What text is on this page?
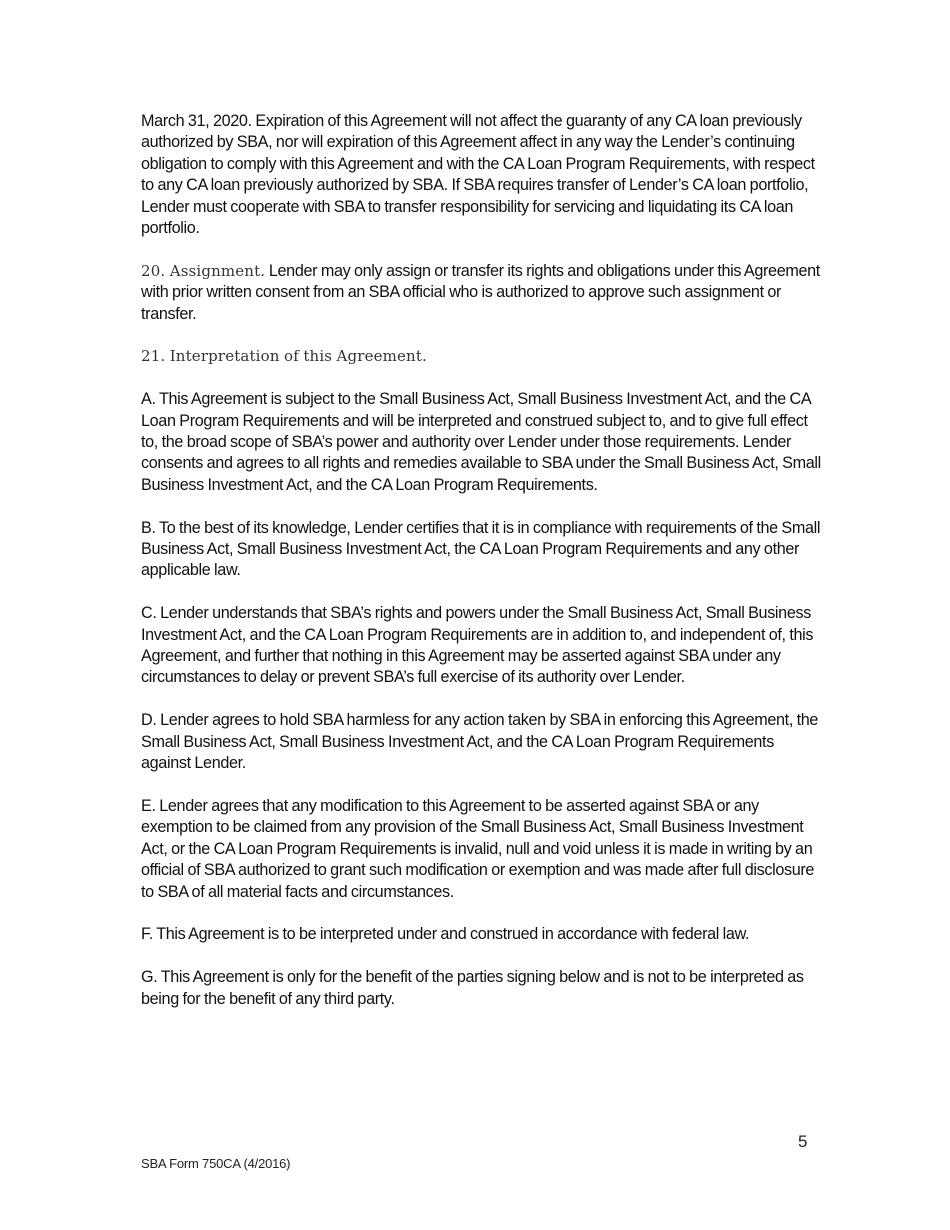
March 31, 2020. Expiration of this Agreement will not affect the guaranty of any CA loan previously authorized by SBA, nor will expiration of this Agreement affect in any way the Lender’s continuing obligation to comply with this Agreement and with the CA Loan Program Requirements, with respect to any CA loan previously authorized by SBA. If SBA requires transfer of Lender’s CA loan portfolio, Lender must cooperate with SBA to transfer responsibility for servicing and liquidating its CA loan portfolio.

20. Assignment. Lender may only assign or transfer its rights and obligations under this Agreement with prior written consent from an SBA official who is authorized to approve such assignment or transfer.

21. Interpretation of this Agreement.

A. This Agreement is subject to the Small Business Act, Small Business Investment Act, and the CA Loan Program Requirements and will be interpreted and construed subject to, and to give full effect to, the broad scope of SBA’s power and authority over Lender under those requirements. Lender consents and agrees to all rights and remedies available to SBA under the Small Business Act, Small Business Investment Act, and the CA Loan Program Requirements.

B. To the best of its knowledge, Lender certifies that it is in compliance with requirements of the Small Business Act, Small Business Investment Act, the CA Loan Program Requirements and any other applicable law.

C. Lender understands that SBA’s rights and powers under the Small Business Act, Small Business Investment Act, and the CA Loan Program Requirements are in addition to, and independent of, this Agreement, and further that nothing in this Agreement may be asserted against SBA under any circumstances to delay or prevent SBA’s full exercise of its authority over Lender.

D. Lender agrees to hold SBA harmless for any action taken by SBA in enforcing this Agreement, the Small Business Act, Small Business Investment Act, and the CA Loan Program Requirements against Lender.

E. Lender agrees that any modification to this Agreement to be asserted against SBA or any exemption to be claimed from any provision of the Small Business Act, Small Business Investment Act, or the CA Loan Program Requirements is invalid, null and void unless it is made in writing by an official of SBA authorized to grant such modification or exemption and was made after full disclosure to SBA of all material facts and circumstances.

F. This Agreement is to be interpreted under and construed in accordance with federal law.

G. This Agreement is only for the benefit of the parties signing below and is not to be interpreted as being for the benefit of any third party.

5
SBA Form 750CA (4/2016)
